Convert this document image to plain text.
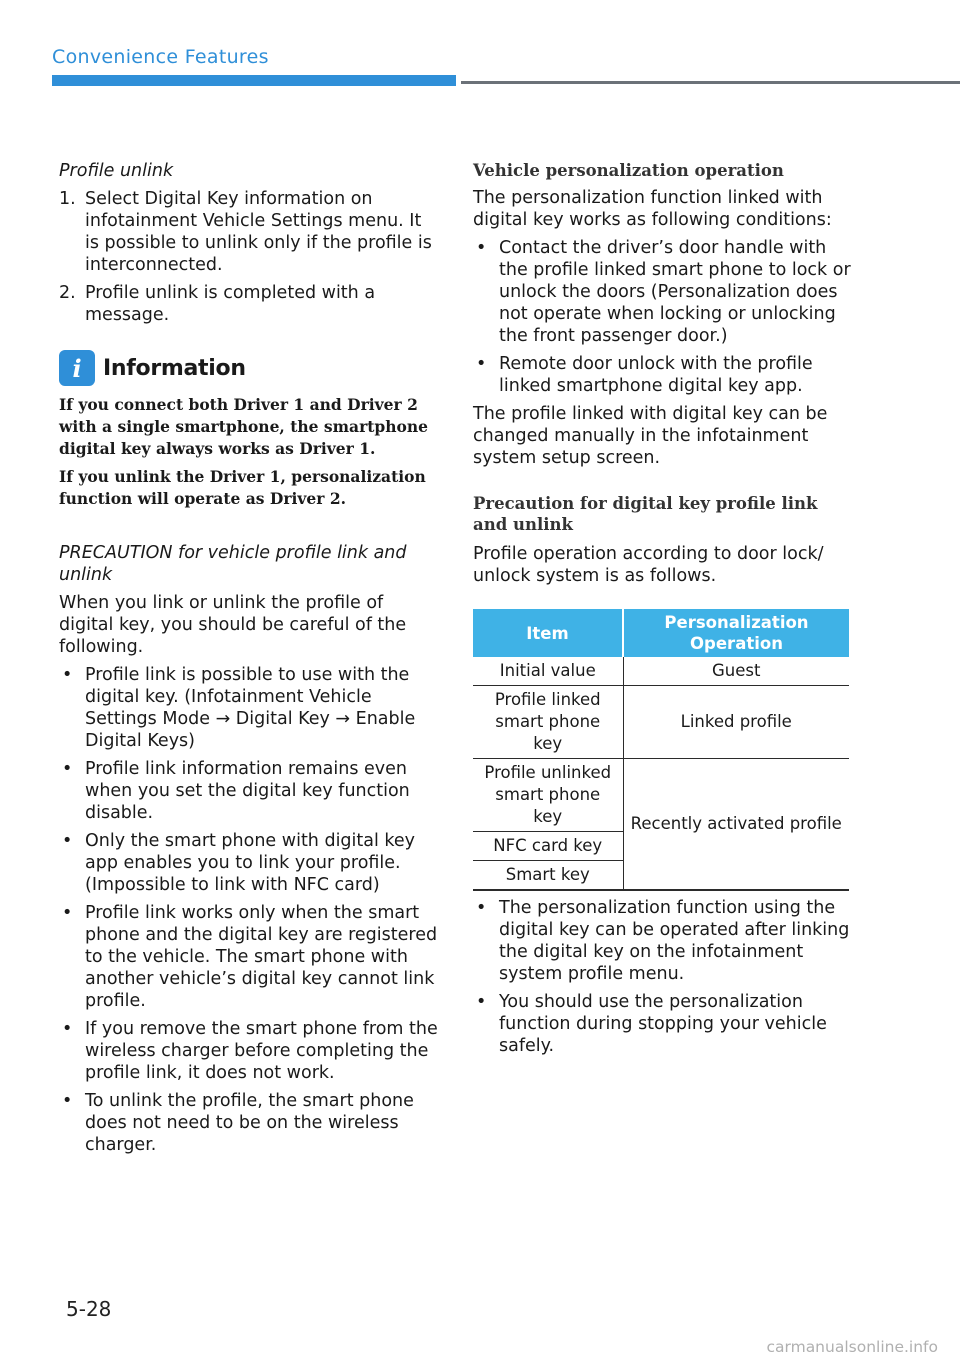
Convenience Features
Profile unlink
1. Select Digital Key information on infotainment Vehicle Settings menu. It is possible to unlink only if the profile is interconnected.
2. Profile unlink is completed with a message.
i Information

If you connect both Driver 1 and Driver 2 with a single smartphone, the smartphone digital key always works as Driver 1.

If you unlink the Driver 1, personalization function will operate as Driver 2.

PRECAUTION for vehicle profile link and unlink

When you link or unlink the profile of digital key, you should be careful of the following.

• Profile link is possible to use with the digital key. (Infotainment Vehicle Settings Mode → Digital Key → Enable Digital Keys)
• Profile link information remains even when you set the digital key function disable.
• Only the smart phone with digital key app enables you to link your profile. (Impossible to link with NFC card)
• Profile link works only when the smart phone and the digital key are registered to the vehicle. The smart phone with another vehicle’s digital key cannot link profile.
• If you remove the smart phone from the wireless charger before completing the profile link, it does not work.
• To unlink the profile, the smart phone does not need to be on the wireless charger.
Vehicle personalization operation

The personalization function linked with digital key works as following conditions:

• Contact the driver’s door handle with the profile linked smart phone to lock or unlock the doors (Personalization does not operate when locking or unlocking the front passenger door.)
• Remote door unlock with the profile linked smartphone digital key app.

The profile linked with digital key can be changed manually in the infotainment system setup screen.

Precaution for digital key profile link and unlink

Profile operation according to door lock/ unlock system is as follows.

Item	Personalization Operation
Initial value	Guest
Profile linked smart phone key	Linked profile
Profile unlinked smart phone key	Recently activated profile
NFC card key	
Smart key	
• The personalization function using the digital key can be operated after linking the digital key on the infotainment system profile menu.
• You should use the personalization function during stopping your vehicle safely.
5-28
carmanualsonline.info
